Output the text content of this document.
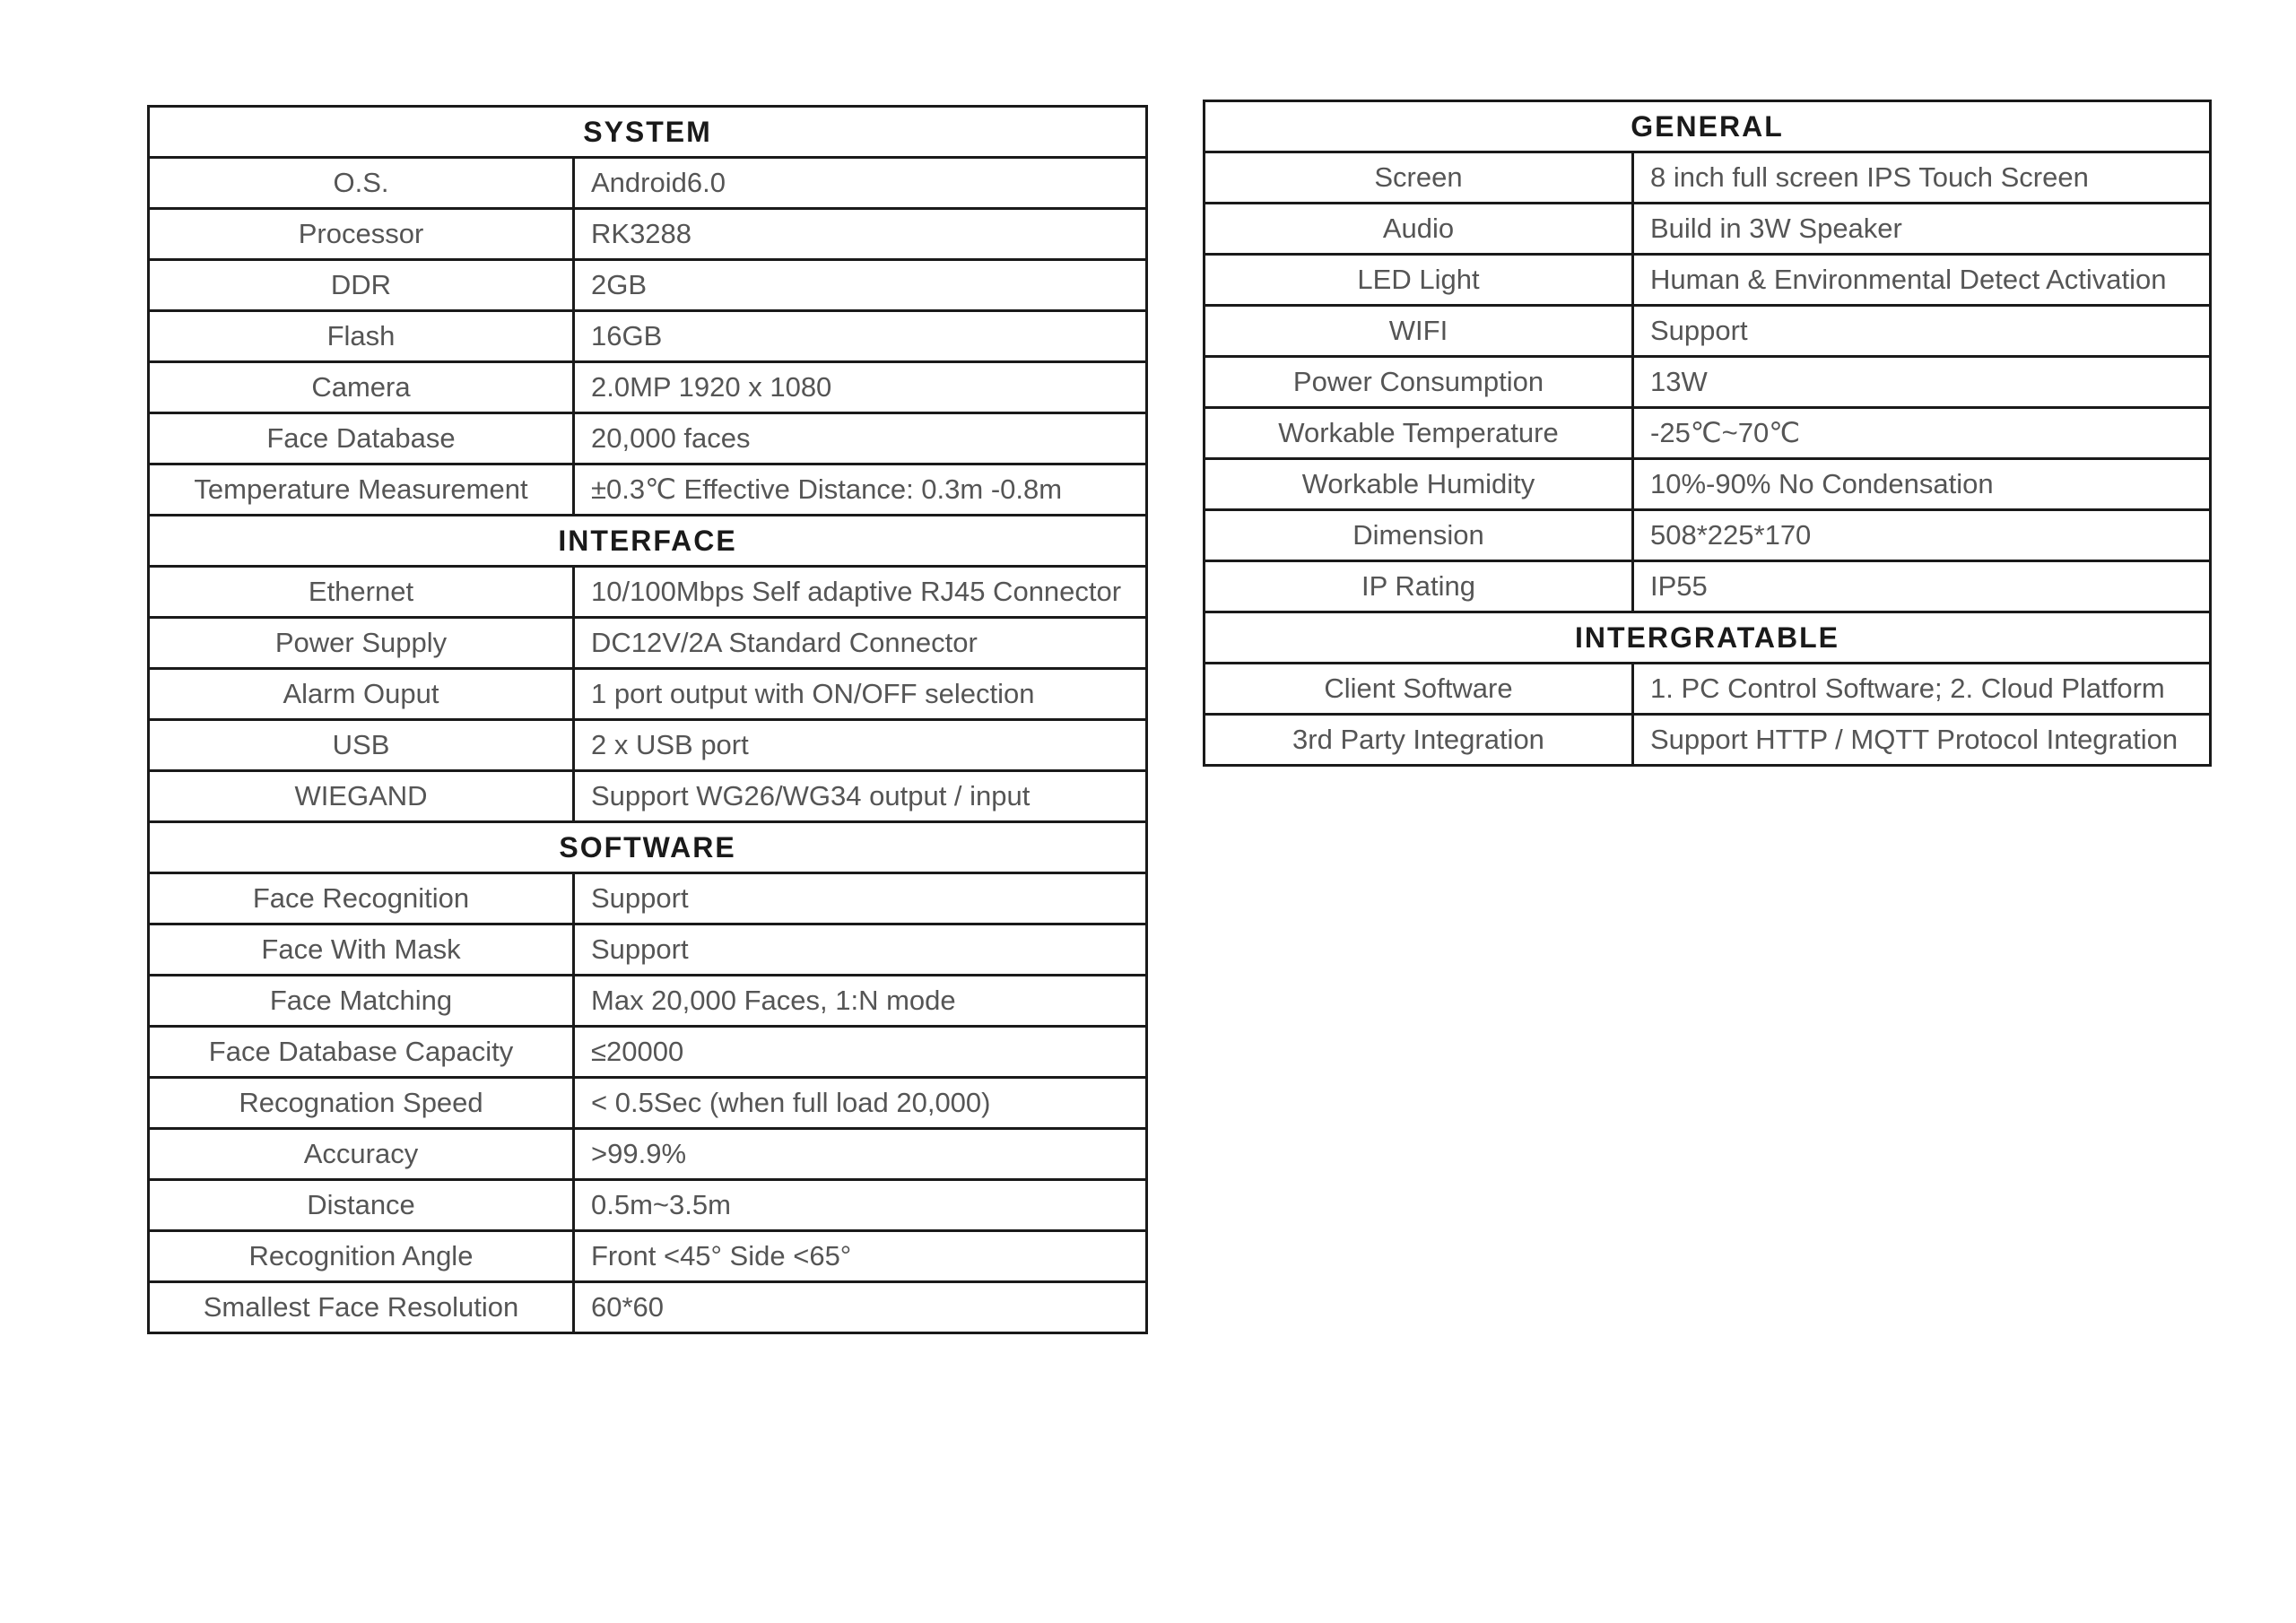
SYSTEM	
O.S.	Android6.0
Processor	RK3288
DDR	2GB
Flash	16GB
Camera	2.0MP 1920 x 1080
Face Database	20,000 faces
Temperature Measurement	±0.3℃ Effective Distance: 0.3m -0.8m
INTERFACE	
Ethernet	10/100Mbps Self adaptive RJ45 Connector
Power Supply	DC12V/2A Standard Connector
Alarm Ouput	1 port output with ON/OFF selection
USB	2 x USB port
WIEGAND	Support WG26/WG34 output / input
SOFTWARE	
Face Recognition	Support
Face With Mask	Support
Face Matching	Max 20,000 Faces, 1:N mode
Face Database Capacity	≤20000
Recognation Speed	< 0.5Sec (when full load 20,000)
Accuracy	>99.9%
Distance	0.5m~3.5m
Recognition Angle	Front <45° Side <65°
Smallest Face Resolution	60*60
GENERAL	
Screen	8 inch full screen IPS Touch Screen
Audio	Build in 3W Speaker
LED Light	Human & Environmental Detect Activation
WIFI	Support
Power Consumption	13W
Workable Temperature	-25℃~70℃
Workable Humidity	10%-90% No Condensation
Dimension	508*225*170
IP Rating	IP55
INTERGRATABLE	
Client Software	1. PC Control Software; 2. Cloud Platform
3rd Party Integration	Support HTTP / MQTT Protocol Integration
